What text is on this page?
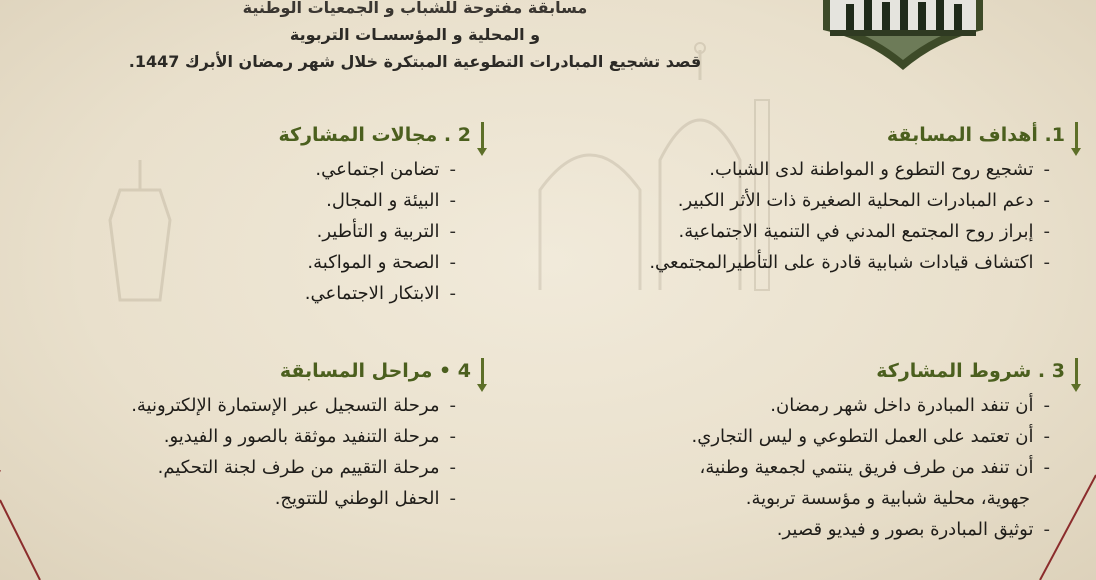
مسابقة مفتوحة للشباب و الجمعيات الوطنية
و المحلية و المؤسسـات التربوية
قصد تشجيع المبادرات التطوعية المبتكرة خلال شهر رمضان الأبرك 1447.
1. أهداف المسابقة
-تشجيع روح التطوع و المواطنة لدى الشباب.
-دعم المبادرات المحلية الصغيرة ذات الأثر الكبير.
-إبراز روح المجتمع المدني في التنمية الاجتماعية.
-اكتشاف قيادات شبابية قادرة على التأطيرالمجتمعي.
2 . مجالات المشاركة
-تضامن اجتماعي.
-البيئة و المجال.
-التربية و التأطير.
-الصحة و المواكبة.
-الابتكار الاجتماعي.
3 . شروط المشاركة
-أن تنفد المبادرة داخل شهر رمضان.
-أن تعتمد على العمل التطوعي و ليس التجاري.
-أن تنفد من طرف فريق ينتمي لجمعية وطنية،
جهوية، محلية شبابية و مؤسسة تربوية.
-توثيق المبادرة بصور و فيديو قصير.
4 • مراحل المسابقة
-مرحلة التسجيل عبر الإستمارة الإلكترونية.
-مرحلة التنفيد موثقة بالصور و الفيديو.
-مرحلة التقييم من طرف لجنة التحكيم.
-الحفل الوطني للتتويج.
